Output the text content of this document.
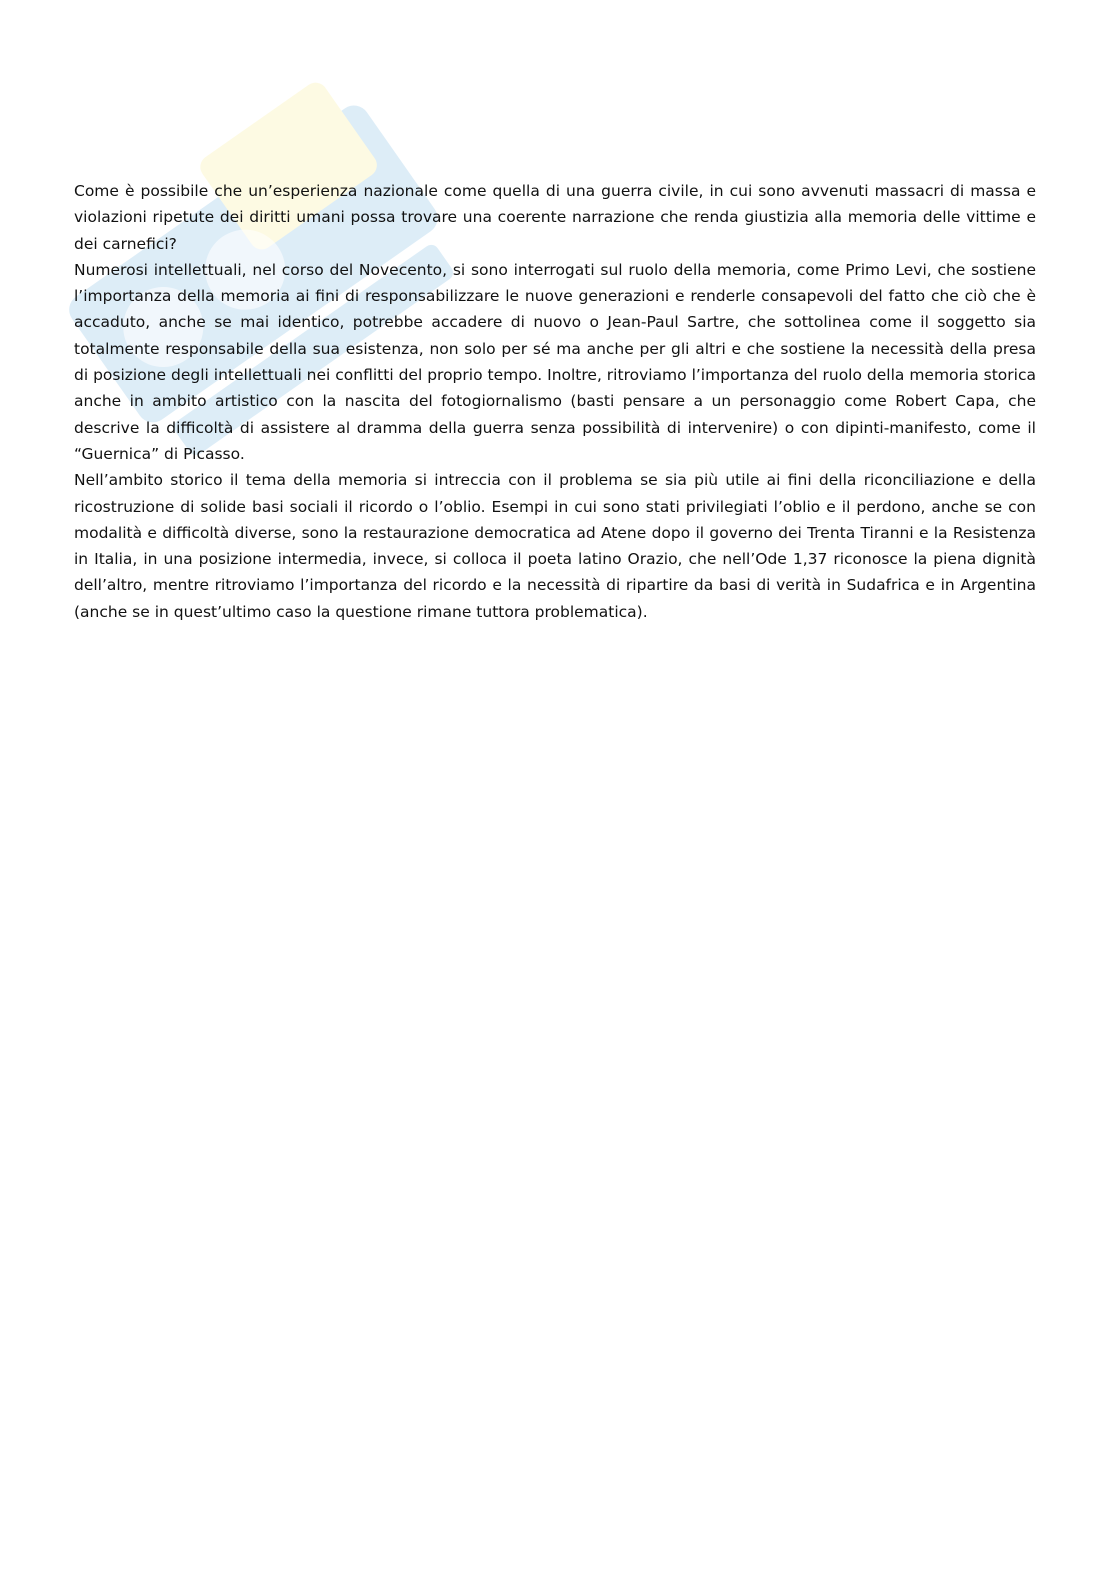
Come è possibile che un’esperienza nazionale come quella di una guerra civile, in cui sono avvenuti massacri di massa e violazioni ripetute dei diritti umani possa trovare una coerente narrazione che renda giustizia alla memoria delle vittime e dei carnefici?

Numerosi intellettuali, nel corso del Novecento, si sono interrogati sul ruolo della memoria, come Primo Levi, che sostiene l’importanza della memoria ai fini di responsabilizzare le nuove generazioni e renderle consapevoli del fatto che ciò che è accaduto, anche se mai identico, potrebbe accadere di nuovo o Jean-Paul Sartre, che sottolinea come il soggetto sia totalmente responsabile della sua esistenza, non solo per sé ma anche per gli altri e che sostiene la necessità della presa di posizione degli intellettuali nei conflitti del proprio tempo. Inoltre, ritroviamo l’importanza del ruolo della memoria storica anche in ambito artistico con la nascita del fotogiornalismo (basti pensare a un personaggio come Robert Capa, che descrive la difficoltà di assistere al dramma della guerra senza possibilità di intervenire) o con dipinti-manifesto, come il “Guernica” di Picasso.

Nell’ambito storico il tema della memoria si intreccia con il problema se sia più utile ai fini della riconciliazione e della ricostruzione di solide basi sociali il ricordo o l’oblio. Esempi in cui sono stati privilegiati l’oblio e il perdono, anche se con modalità e difficoltà diverse, sono la restaurazione democratica ad Atene dopo il governo dei Trenta Tiranni e la Resistenza in Italia, in una posizione intermedia, invece, si colloca il poeta latino Orazio, che nell’Ode 1,37 riconosce la piena dignità dell’altro, mentre ritroviamo l’importanza del ricordo e la necessità di ripartire da basi di verità in Sudafrica e in Argentina (anche se in quest’ultimo caso la questione rimane tuttora problematica).
